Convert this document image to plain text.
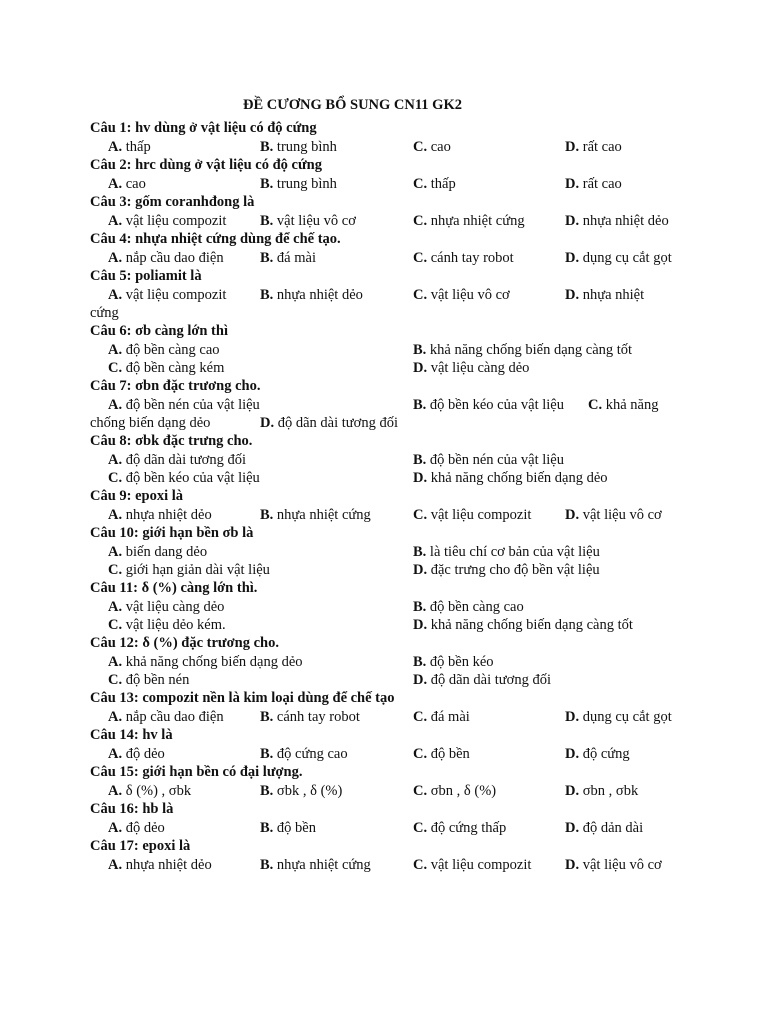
ĐỀ CƯƠNG BỔ SUNG CN11 GK2
Câu 1: hv dùng ở vật liệu có độ cứng
A. thấp	B. trung bình	C. cao	D. rất cao
Câu 2: hrc dùng ở vật liệu có độ cứng
A. cao	B. trung bình	C. thấp	D. rất cao
Câu 3: gốm coranhđong là
A. vật liệu compozit B. vật liệu vô cơ	C. nhựa nhiệt cứng	D. nhựa nhiệt dẻo
Câu 4: nhựa nhiệt cứng dùng để chế tạo.
A. nắp cầu dao điện	B. đá mài	C. cánh tay robot	D. dụng cụ cắt gọt
Câu 5: poliamit là
A. vật liệu compozit B. nhựa nhiệt dẻo	C. vật liệu vô cơ	D. nhựa nhiệt
cứng
Câu 6: σb càng lớn thì
A. độ bền càng cao	B. khả năng chống biến dạng càng tốt
C. độ bền càng kém	D. vật liệu càng dẻo
Câu 7: σbn đặc trương cho.
A. độ bền nén của vật liệu	B. độ bền kéo của vật liệu C. khả năng
chống biến dạng dẻo	D. độ dãn dài tương đối
Câu 8: σbk đặc trưng cho.
A. độ dãn dài tương đối	B. độ bền nén của vật liệu
C. độ bền kéo của vật liệu	D. khả năng chống biến dạng dẻo
Câu 9: epoxi là
A. nhựa nhiệt dẻo	B. nhựa nhiệt cứng	C. vật liệu compozit D. vật liệu vô cơ
Câu 10: giới hạn bền σb là
A. biến dang dẻo	B. là tiêu chí cơ bản của vật liệu
C. giới hạn giản dài vật liệu	D. đặc trưng cho độ bền vật liệu
Câu 11: δ (%) càng lớn thì.
A. vật liệu càng dẻo	B. độ bền càng cao
C. vật liệu dẻo kém.	D. khả năng chống biến dạng càng tốt
Câu 12: δ (%) đặc trương cho.
A. khả năng chống biến dạng dẻo	B. độ bền kéo
C. độ bền nén	D. độ dãn dài tương đối
Câu 13: compozit nền là kim loại dùng để chế tạo
A. nắp cầu dao điện	B. cánh tay robot	C. đá mài	D. dụng cụ cắt gọt
Câu 14: hv là
A. độ dẻo	B. độ cứng cao	C. độ bền	D. độ cứng
Câu 15: giới hạn bền có đại lượng.
A. δ (%) , σbk	B. σbk , δ (%)	C. σbn , δ (%)	D. σbn , σbk
Câu 16: hb là
A. độ dẻo	B. độ bền	C. độ cứng thấp	D. độ dản dài
Câu 17: epoxi là
A. nhựa nhiệt dẻo	B. nhựa nhiệt cứng	C. vật liệu compozit D. vật liệu vô cơ
